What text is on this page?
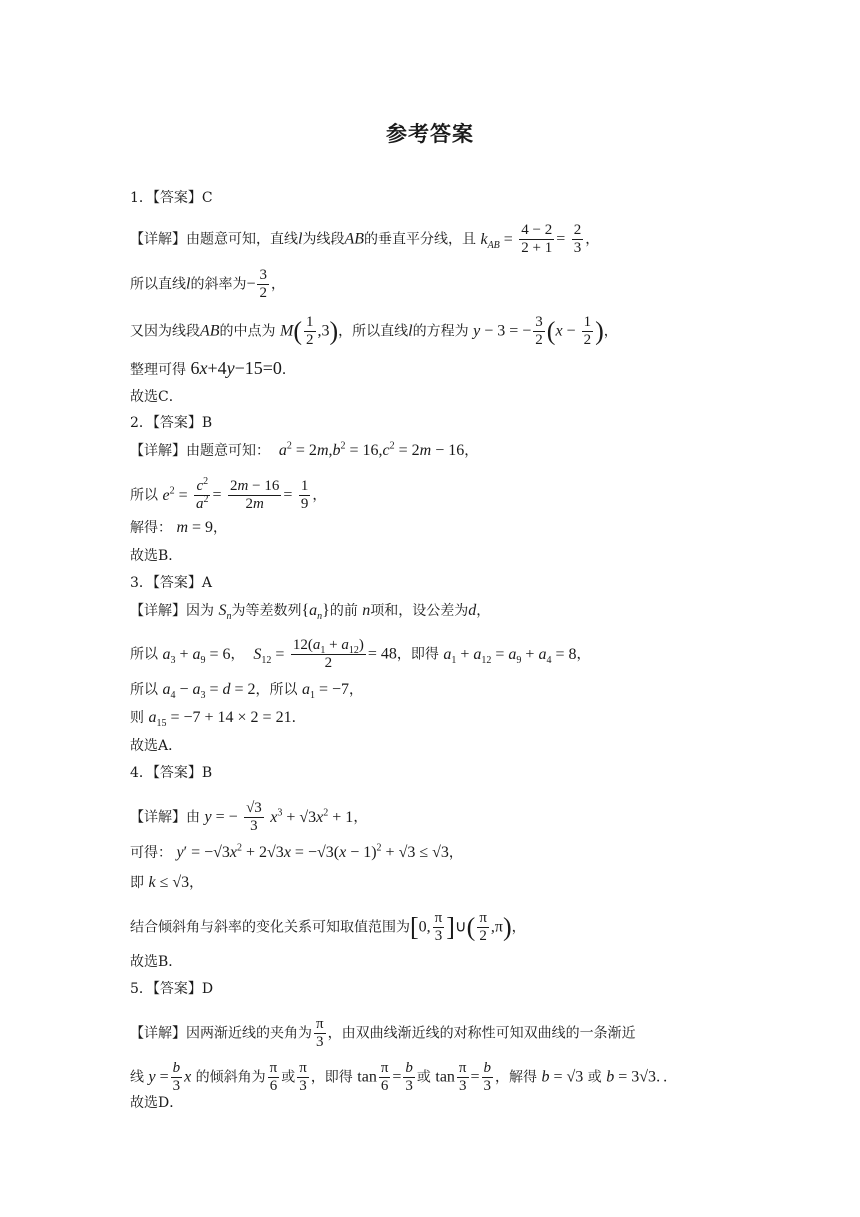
参考答案
1．【答案】C
【详解】由题意可知，直线l为线段AB的垂直平分线，且 $k_{AB} = \frac{4 - 2}{2 + 1} = \frac{2}{3}$ ，
所以直线l的斜率为− $\frac{3}{2}$ ，
又因为线段AB的中点为 $M( \frac{1}{2} ,3)$，所以直线l的方程为 y − 3 = − $\frac{3}{2} (x - \frac{1}{2}$ )，
整理可得 6x+4y−15=0．
故选C．
2．【答案】B
【详解】由题意可知：  $a^2 = 2m,b^2 = 16,c^2 = 2m - 16$，
所以 $e^2 = \frac{c^2}{a^2} = \frac{2m - 16}{2m} = \frac{1}{9}$ ，
解得： m = 9，
故选B．
3．【答案】A
【详解】因为 $S_n$为等差数列$\{a_n\}$的前 n项和，设公差为d，
所以 $a_3 + a_9 = 6$，  $S_{12} = \frac{12(a_1 + a_{12})}{2} = 48$，即得 $a_1 + a_{12} = a_9 + a_4 = 8$，
所以 $a_4 - a_3 = d = 2$，所以 $a_1 = -7$，
则 $a_{15} = -7 + 14 \times 2 = 21$．
故选A．
4．【答案】B
【详解】由 y = − $\frac{√3}{3} x^3 + √3x^2 + 1$，
可得： $y' = -√3x^2 + 2√3x = -√3(x - 1)^2 + √3 \le √3$，
即 k ≤ √3，
结合倾斜角与斜率的变化关系可知取值范围为[0, $\frac{\pi}{3}$ ]∪( $\frac{\pi}{2} ,\pi$)，
故选B．
5．【答案】D
【详解】因两渐近线的夹角为 $\frac{\pi}{3}$ ，由双曲线渐近线的对称性可知双曲线的一条渐近
线 $y = \frac{b}{3}$ x 的倾斜角为 $\frac{\pi}{6}$ 或 $\frac{\pi}{3}$ ，即得 $\tan \frac{\pi}{6} = \frac{b}{3}$ 或 $\tan \frac{\pi}{3} = \frac{b}{3}$ ，解得 b = √3 或 b = 3√3．．
故选D．
